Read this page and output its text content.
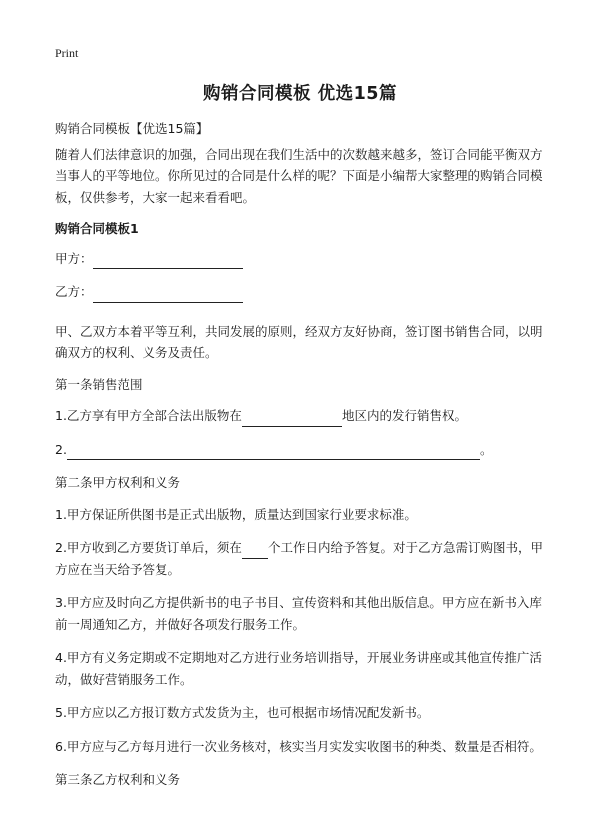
Print
购销合同模板 优选15篇

购销合同模板【优选15篇】

随着人们法律意识的加强，合同出现在我们生活中的次数越来越多，签订合同能平衡双方当事人的平等地位。你所见过的合同是什么样的呢？下面是小编帮大家整理的购销合同模板，仅供参考，大家一起来看看吧。

购销合同模板1

甲方：
乙方：

甲、乙双方本着平等互利，共同发展的原则，经双方友好协商，签订图书销售合同，以明确双方的权利、义务及责任。

第一条销售范围

1.乙方享有甲方全部合法出版物在	地区内的发行销售权。

2.	。

第二条甲方权利和义务

1.甲方保证所供图书是正式出版物，质量达到国家行业要求标准。

2.甲方收到乙方要货订单后，须在 个工作日内给予答复。对于乙方急需订购图书，甲方应在当天给予答复。

3.甲方应及时向乙方提供新书的电子书目、宣传资料和其他出版信息。甲方应在新书入库前一周通知乙方，并做好各项发行服务工作。

4.甲方有义务定期或不定期地对乙方进行业务培训指导，开展业务讲座或其他宣传推广活动，做好营销服务工作。

5.甲方应以乙方报订数方式发货为主，也可根据市场情况配发新书。

6.甲方应与乙方每月进行一次业务核对，核实当月实发实收图书的种类、数量是否相符。

第三条乙方权利和义务
